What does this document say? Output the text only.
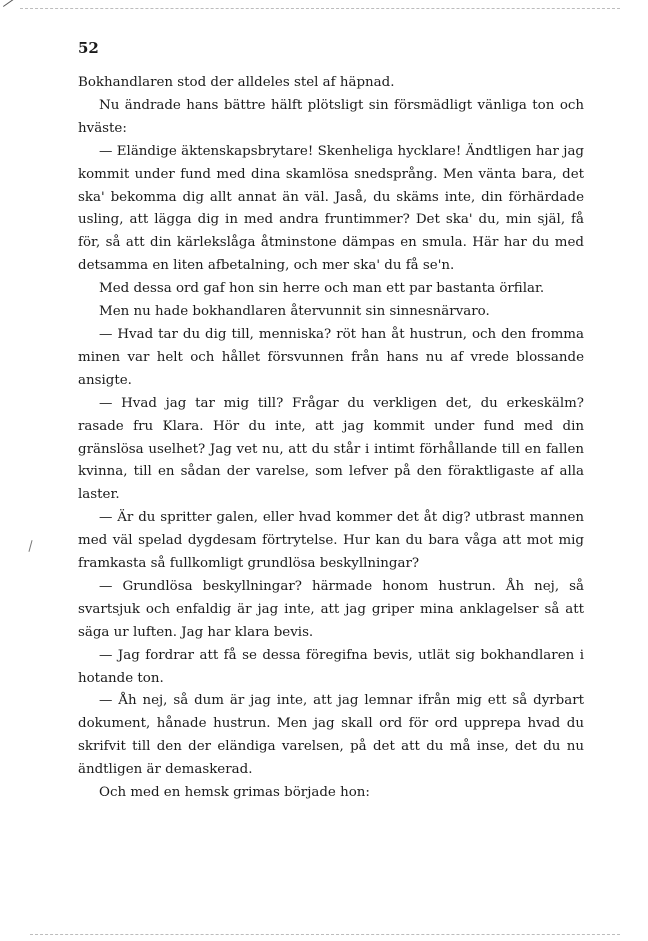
52

Bokhandlaren stod der alldeles stel af häpnad.

Nu ändrade hans bättre hälft plötsligt sin försmädligt vänliga ton och hväste:

— Eländige äktenskapsbrytare! Skenheliga hycklare! Ändtligen har jag kommit under fund med dina skamlösa snedsprång. Men vänta bara, det ska' bekomma dig allt annat än väl. Jaså, du skäms inte, din förhärdade usling, att lägga dig in med andra fruntimmer? Det ska' du, min själ, få för, så att din kärlekslåga åtminstone dämpas en smula. Här har du med detsamma en liten afbetalning, och mer ska' du få se'n.

Med dessa ord gaf hon sin herre och man ett par bastanta örfilar.

Men nu hade bokhandlaren återvunnit sin sinnesnärvaro.

— Hvad tar du dig till, menniska? röt han åt hustrun, och den fromma minen var helt och hållet försvunnen från hans nu af vrede blossande ansigte.

— Hvad jag tar mig till? Frågar du verkligen det, du erkeskälm? rasade fru Klara. Hör du inte, att jag kommit under fund med din gränslösa uselhet? Jag vet nu, att du står i intimt förhållande till en fallen kvinna, till en sådan der varelse, som lefver på den föraktligaste af alla laster.

— Är du spritter galen, eller hvad kommer det åt dig? utbrast mannen med väl spelad dygdesam förtrytelse. Hur kan du bara våga att mot mig framkasta så fullkomligt grundlösa beskyllningar?

— Grundlösa beskyllningar? härmade honom hustrun. Åh nej, så svartsjuk och enfaldig är jag inte, att jag griper mina anklagelser så att säga ur luften. Jag har klara bevis.

— Jag fordrar att få se dessa föregifna bevis, utlät sig bokhandlaren i hotande ton.

— Åh nej, så dum är jag inte, att jag lemnar ifrån mig ett så dyrbart dokument, hånade hustrun. Men jag skall ord för ord upprepa hvad du skrifvit till den der eländiga varelsen, på det att du må inse, det du nu ändtligen är demaskerad.

Och med en hemsk grimas började hon:
